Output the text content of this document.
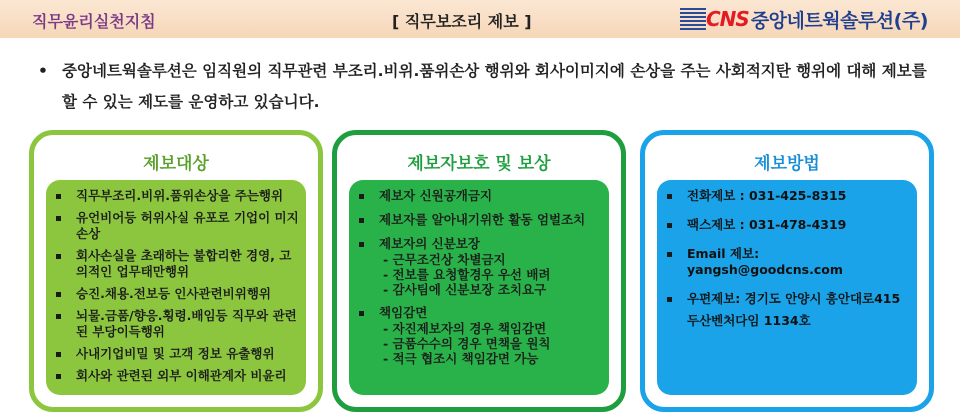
직무윤리실천지침	[ 직무보조리 제보 ]	CNS 중앙네트웍솔루션(주)
• 중앙네트웍솔루션은 임직원의 직무관련 부조리.비위.품위손상 행위와 회사이미지에 손상을 주는 사회적지탄 행위에 대해 제보를 할 수 있는 제도를 운영하고 있습니다.
제보대상
직무부조리.비위.품위손상을 주는행위
유언비어등 허위사실 유포로 기업이 미지 손상
회사손실을 초래하는 불합리한 경영, 고의적인 업무태만행위
승진.채용.전보등 인사관련비위행위
뇌물.금품/향응.횡령.배임등 직무와 관련된 부당이득행위
사내기업비밀 및 고객 정보 유출행위
회사와 관련된 외부 이해관계자 비윤리
제보자보호 및 보상
제보자 신원공개금지
제보자를 알아내기위한 활동 엄벌조치
제보자의 신분보장
- 근무조건상 차별금지
- 전보를 요청할경우 우선 배려
- 감사팀에 신분보장 조치요구
책임감면
- 자진제보자의 경우 책임감면
- 금품수수의 경우 면책을 원칙
- 적극 협조시 책임감면 가능
제보방법
전화제보 : 031-425-8315
팩스제보 : 031-478-4319
Email 제보: yangsh@goodcns.com
우편제보: 경기도 안양시 흥안대로415
두산벤처다임 1134호
